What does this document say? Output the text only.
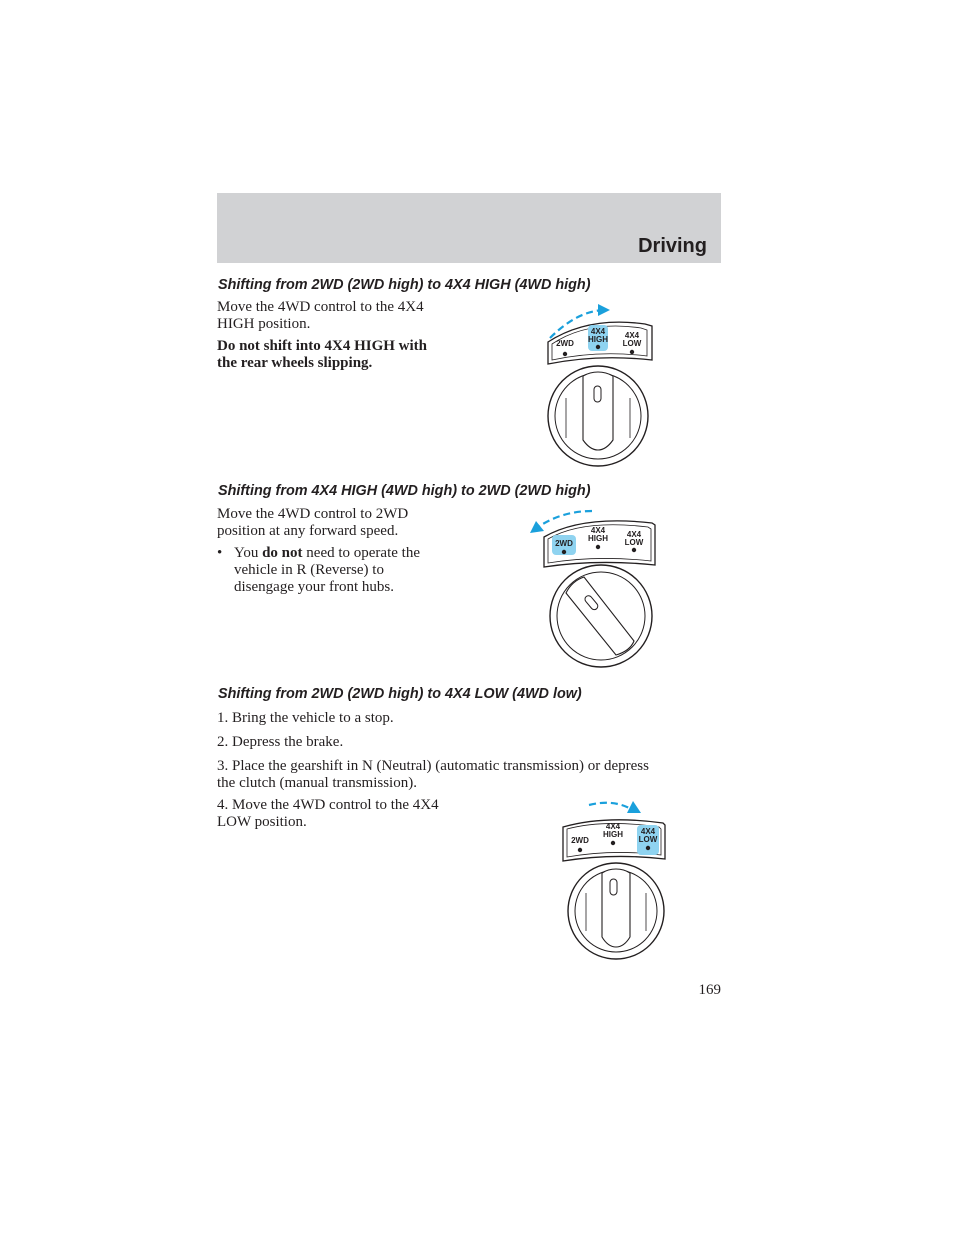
Driving
Shifting from 2WD (2WD high) to 4X4 HIGH (4WD high)
Move the 4WD control to the 4X4
HIGH position.
Do not shift into 4X4 HIGH with
the rear wheels slipping.
2WD
4X4
HIGH 4X4
LOW
Shifting from 4X4 HIGH (4WD high) to 2WD (2WD high)
Move the 4WD control to 2WD
position at any forward speed.
• You do not need to operate the
vehicle in R (Reverse) to
disengage your front hubs.
2WD
4X4
HIGH 4X4
LOW
Shifting from 2WD (2WD high) to 4X4 LOW (4WD low)
1. Bring the vehicle to a stop.
2. Depress the brake.
3. Place the gearshift in N (Neutral) (automatic transmission) or depress
the clutch (manual transmission).
4. Move the 4WD control to the 4X4
LOW position.
2WD
4X4
HIGH 4X4
LOW
169
